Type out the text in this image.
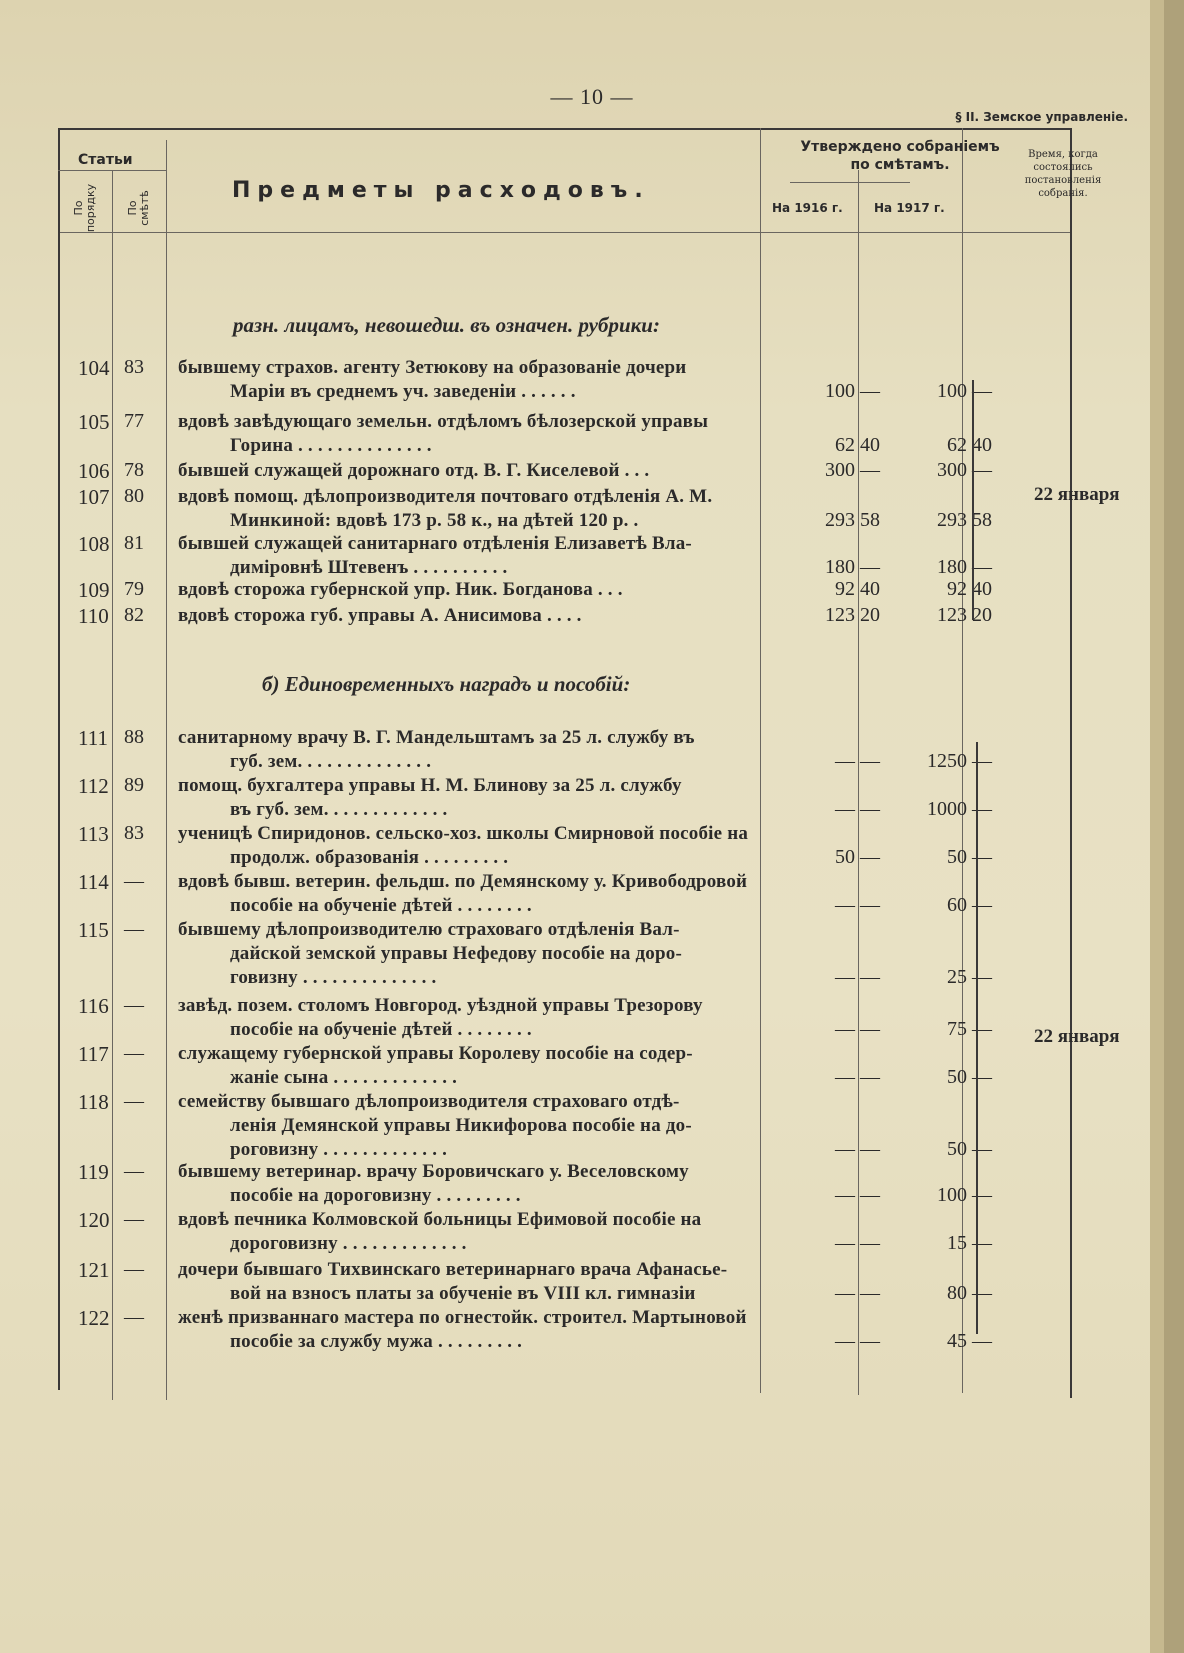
— 10 —
§ II. Земское управленіе.
Статьи
По порядку	По смѣтѣ	Предметы расходовъ.
Утверждено собраніемъ по смѣтамъ.
На 1916 г.	На 1917 г.
Время, когда состоялись постановленія собранія.
разн. лицамъ, невошедш. въ означен. рубрики:
104 83	бывшему страхов. агенту Зетюкову на образованіе дочери
Маріи въ среднемъ уч. заведеніи . . . . . .	100 —	100 —
105 77	вдовѣ завѣдующаго земельн. отдѣломъ бѣлозерской управы
Горина . . . . . . . . . . . . . .	62 40	62 40
106 78	бывшей служащей дорожнаго отд. В. Г. Киселевой . . .	300 —	300 —
107 80	вдовѣ помощ. дѣлопроизводителя почтоваго отдѣленія А. М.
Минкиной: вдовѣ 173 р. 58 к., на дѣтей 120 р. .	293 58	293 58
108 81	бывшей служащей санитарнаго отдѣленія Елизаветѣ Вла-
диміровнѣ Штевенъ . . . . . . . . . .	180 —	180 —
109 79	вдовѣ сторожа губернской упр. Ник. Богданова . . .	92 40	92 40
110 82	вдовѣ сторожа губ. управы А. Анисимова . . . .	123 20	123 20
22 января
б) Единовременныхъ наградъ и пособій:
111 88	санитарному врачу В. Г. Мандельштамъ за 25 л. службу въ
губ. зем. . . . . . . . . . . . . .	— —	1250 —
112 89	помощ. бухгалтера управы Н. М. Блинову за 25 л. службу
въ губ. зем. . . . . . . . . . . . .	— —	1000 —
113 83	ученицѣ Спиридонов. сельско-хоз. школы Смирновой пособіе на
продолж. образованія . . . . . . . . .	50 —	50 —
114 —	вдовѣ бывш. ветерин. фельдш. по Демянскому у. Кривободровой
пособіе на обученіе дѣтей . . . . . . . .	— —	60 —
115 —	бывшему дѣлопроизводителю страховаго отдѣленія Вал-
дайской земской управы Нефедову пособіе на доро-
говизну . . . . . . . . . . . . . .	— —	25 —
116 —	завѣд. позем. столомъ Новгород. уѣздной управы Трезорову
пособіе на обученіе дѣтей . . . . . . . .	— —	75 —
117 —	служащему губернской управы Королеву пособіе на содер-
жаніе сына . . . . . . . . . . . . .	— —	50 —
118 —	семейству бывшаго дѣлопроизводителя страховаго отдѣ-
ленія Демянской управы Никифорова пособіе на до-
роговизну . . . . . . . . . . . . .	— —	50 —
119 —	бывшему ветеринар. врачу Боровичскаго у. Веселовскому
пособіе на дороговизну . . . . . . . . .	— —	100 —
120 —	вдовѣ печника Колмовской больницы Ефимовой пособіе на
дороговизну . . . . . . . . . . . . .	— —	15 —
121 —	дочери бывшаго Тихвинскаго ветеринарнаго врача Афанасье-
вой на взносъ платы за обученіе въ VIII кл. гимназіи	— —	80 —
122 —	женѣ призваннаго мастера по огнестойк. строител. Мартыновой
пособіе за службу мужа . . . . . . . . .	— —	45 —
22 января
